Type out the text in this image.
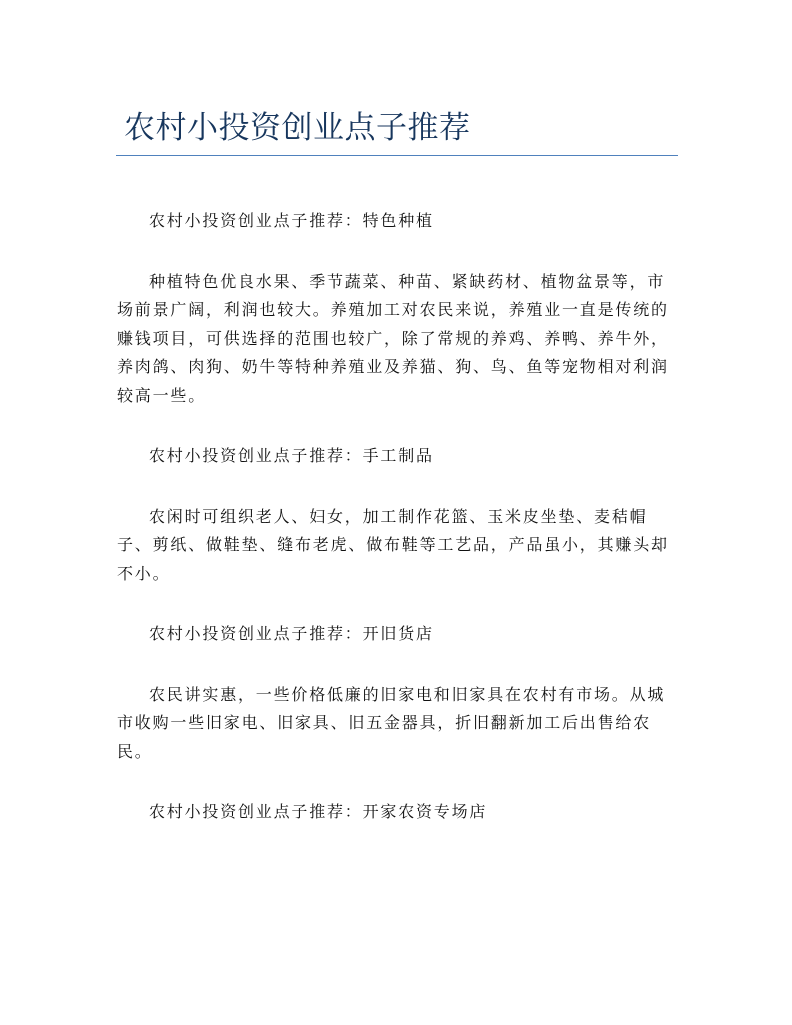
农村小投资创业点子推荐

农村小投资创业点子推荐：特色种植

种植特色优良水果、季节蔬菜、种苗、紧缺药材、植物盆景等，市场前景广阔，利润也较大。养殖加工对农民来说，养殖业一直是传统的赚钱项目，可供选择的范围也较广，除了常规的养鸡、养鸭、养牛外，养肉鸽、肉狗、奶牛等特种养殖业及养猫、狗、鸟、鱼等宠物相对利润较高一些。

农村小投资创业点子推荐：手工制品

农闲时可组织老人、妇女，加工制作花篮、玉米皮坐垫、麦秸帽子、剪纸、做鞋垫、缝布老虎、做布鞋等工艺品，产品虽小，其赚头却不小。

农村小投资创业点子推荐：开旧货店

农民讲实惠，一些价格低廉的旧家电和旧家具在农村有市场。从城市收购一些旧家电、旧家具、旧五金器具，折旧翻新加工后出售给农民。

农村小投资创业点子推荐：开家农资专场店
